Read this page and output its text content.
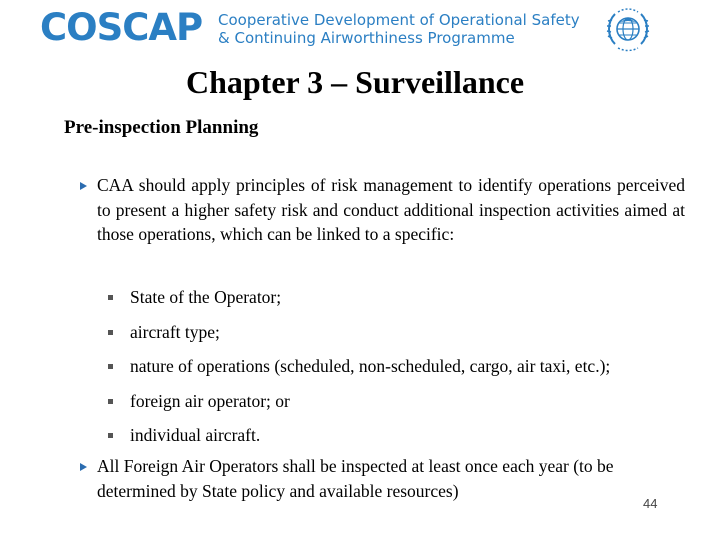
COSCAP Cooperative Development of Operational Safety
& Continuing Airworthiness Programme
Chapter 3 – Surveillance
Pre-inspection Planning
CAA should apply principles of risk management to identify operations perceived to present a higher safety risk and conduct additional inspection activities aimed at those operations, which can be linked to a specific:
State of the Operator;
aircraft type;
nature of operations (scheduled, non-scheduled, cargo, air taxi, etc.);
foreign air operator; or
individual aircraft.
All Foreign Air Operators shall be inspected at least once each year (to be determined by State policy and available resources)
44
